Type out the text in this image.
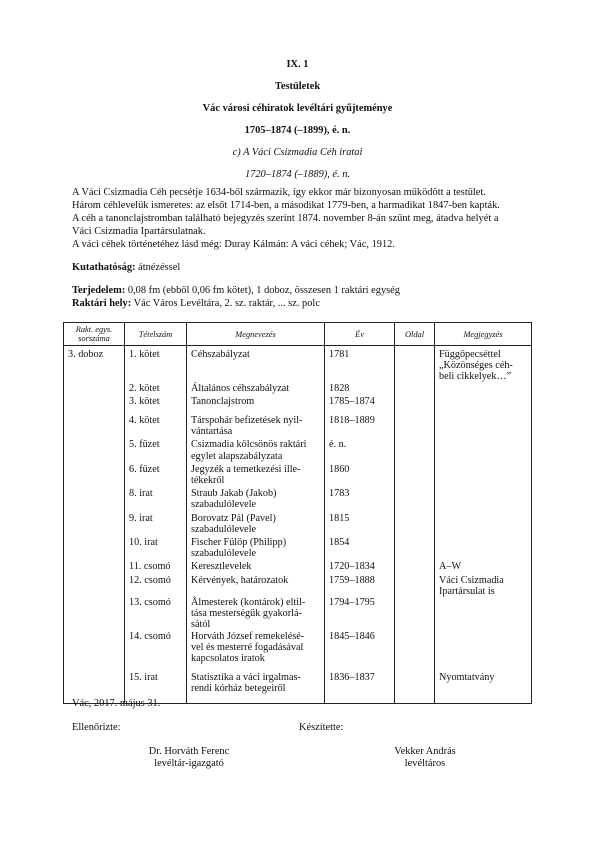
IX. 1
Testületek
Vác városi céhiratok levéltári gyűjteménye
1705–1874 (–1899), é. n.
c) A Váci Csizmadia Céh iratai
1720–1874 (–1889), é. n.
A Váci Csizmadia Céh pecsétje 1634-ből származik, így ekkor már bizonyosan működött a testület.
Három céhlevelük ismeretes: az elsőt 1714-ben, a másodikat 1779-ben, a harmadikat 1847-ben kapták.
A céh a tanonclajstromban található bejegyzés szerint 1874. november 8-án szűnt meg, átadva helyét a
Váci Csizmadia Ipartársulatnak.
A váci céhek történetéhez lásd még: Duray Kálmán: A váci céhek; Vác, 1912.
Kutathatóság: átnézéssel
Terjedelem: 0,08 fm (ebből 0,06 fm kötet), 1 doboz, összesen 1 raktári egység
Raktári hely: Vác Város Levéltára, 2. sz. raktár, ... sz. polc
Rakt. egys. sorszáma	Tételszám	Megnevezés	Év	Oldal	Megjegyzés
3. doboz	1. kötet	Céhszabályzat	1781		Függőpecséttel
„Közönséges céh-
beli cikkelyek…”

	2. kötet	Általános céhszabályzat	1828		
	3. kötet	Tanonclajstrom	1785–1874		
	4. kötet	Társpohár befizetések nyil-
vántartása	1818–1889		
	5. füzet	Csizmadia kölcsönös raktári
egylet alapszabályzata	é. n.		
	6. füzet	Jegyzék a temetkezési ille-
tékekről	1860		
	8. irat	Straub Jakab (Jakob)
szabadulólevele	1783		
	9. irat	Borovatz Pál (Pavel)
szabadulólevele	1815		
	10. irat	Fischer Fülöp (Philipp)
szabadulólevele	1854		
	11. csomó	Keresztlevelek	1720–1834		A–W

	12. csomó	Kérvények, határozatok	1759–1888		Váci Csizmadia
Ipartársulat is

	13. csomó	Ålmesterek (kontárok) eltil-
tása mesterségük gyakorlá-
sától	1794–1795		
	14. csomó	Horváth József remekelésé-
vel és mesterré fogadásával
kapcsolatos iratok	1845–1846		
	15. irat	Statisztika a váci irgalmas-
rendi kórház betegeiről	1836–1837		Nyomtatvány
Vác, 2017. május 31.
Ellenőrizte:	Készítette:
Dr. Horváth Ferenc
levéltár-igazgató
Vekker András
levéltáros
